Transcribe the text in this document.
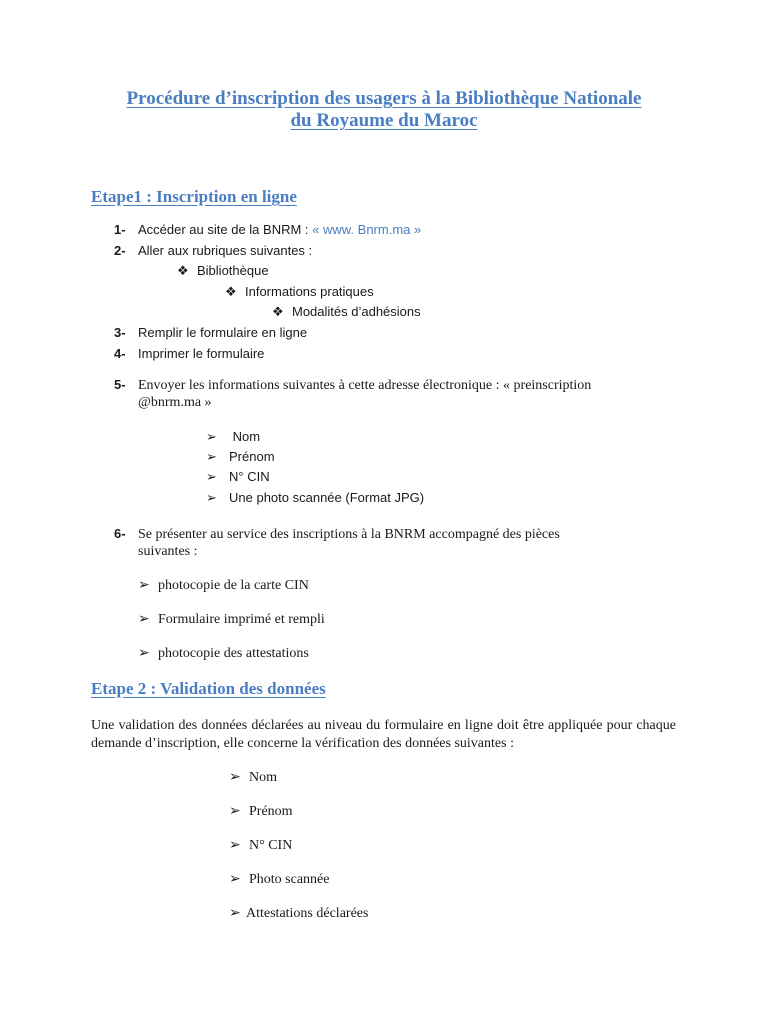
Procédure d’inscription des usagers à la Bibliothèque Nationale
du Royaume du Maroc
Etape1 : Inscription en ligne
1- Accéder au site de la BNRM : « www. Bnrm.ma »
2- Aller aux rubriques suivantes :
❖ Bibliothèque
❖ Informations pratiques
❖ Modalités d’adhésions
3- Remplir le formulaire en ligne
4- Imprimer le formulaire
5- Envoyer les informations suivantes à cette adresse électronique : « preinscription
@bnrm.ma »
➢ Nom
➢ Prénom
➢ N° CIN
➢ Une photo scannée (Format JPG)
6- Se présenter au service des inscriptions à la BNRM accompagné des pièces
suivantes :
➢ photocopie de la carte CIN
➢ Formulaire imprimé et rempli
➢ photocopie des attestations
Etape 2 : Validation des données
Une validation des données déclarées au niveau du formulaire en ligne doit être appliquée pour chaque demande d’inscription, elle concerne la vérification des données suivantes :
➢ Nom
➢ Prénom
➢ N° CIN
➢ Photo scannée
➢ Attestations déclarées
